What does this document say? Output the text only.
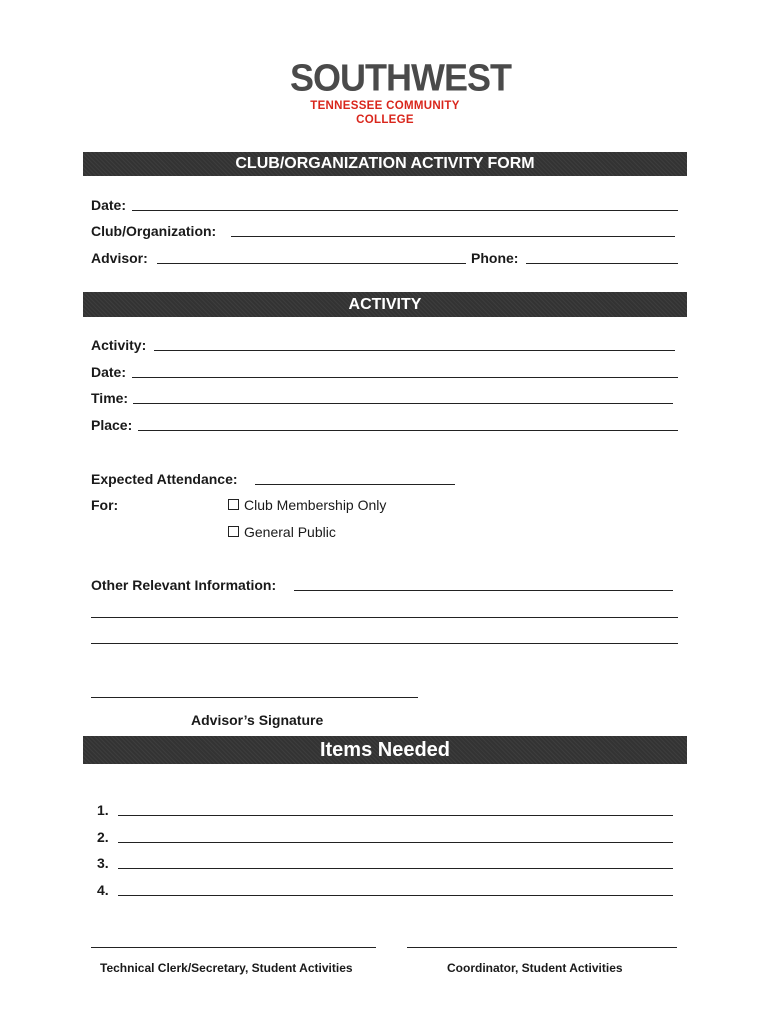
SOUTHWEST
TENNESSEE COMMUNITY COLLEGE
CLUB/ORGANIZATION ACTIVITY FORM
Date:
Club/Organization:
Advisor:	Phone:
ACTIVITY
Activity:
Date:
Time:
Place:
Expected Attendance:
For:	Club Membership Only
General Public
Other Relevant Information:
Advisor’s Signature
Items Needed
1.
2.
3.
4.
Technical Clerk/Secretary, Student Activities	Coordinator, Student Activities
